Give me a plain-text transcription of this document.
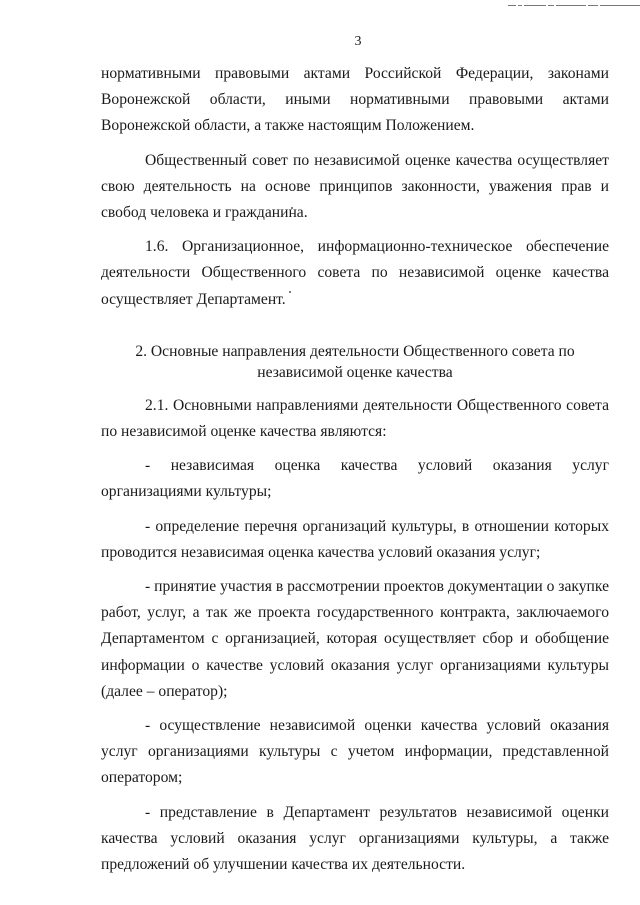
3

нормативными правовыми актами Российской Федерации, законами Воронежской области, иными нормативными правовыми актами Воронежской области, а также настоящим Положением.

Общественный совет по независимой оценке качества осуществляет свою деятельность на основе принципов законности, уважения прав и свобод человека и гражданина.

1.6. Организационное, информационно-техническое обеспечение деятельности Общественного совета по независимой оценке качества осуществляет Департамент.

2. Основные направления деятельности Общественного совета по
независимой оценке качества

2.1. Основными направлениями деятельности Общественного совета по независимой оценке качества являются:

- независимая оценка качества условий оказания услуг организациями культуры;

- определение перечня организаций культуры, в отношении которых проводится независимая оценка качества условий оказания услуг;

- принятие участия в рассмотрении проектов документации о закупке работ, услуг, а так же проекта государственного контракта, заключаемого Департаментом с организацией, которая осуществляет сбор и обобщение информации о качестве условий оказания услуг организациями культуры (далее – оператор);

- осуществление независимой оценки качества условий оказания услуг организациями культуры с учетом информации, представленной оператором;

- представление в Департамент результатов независимой оценки качества условий оказания услуг организациями культуры, а также предложений об улучшении качества их деятельности.
